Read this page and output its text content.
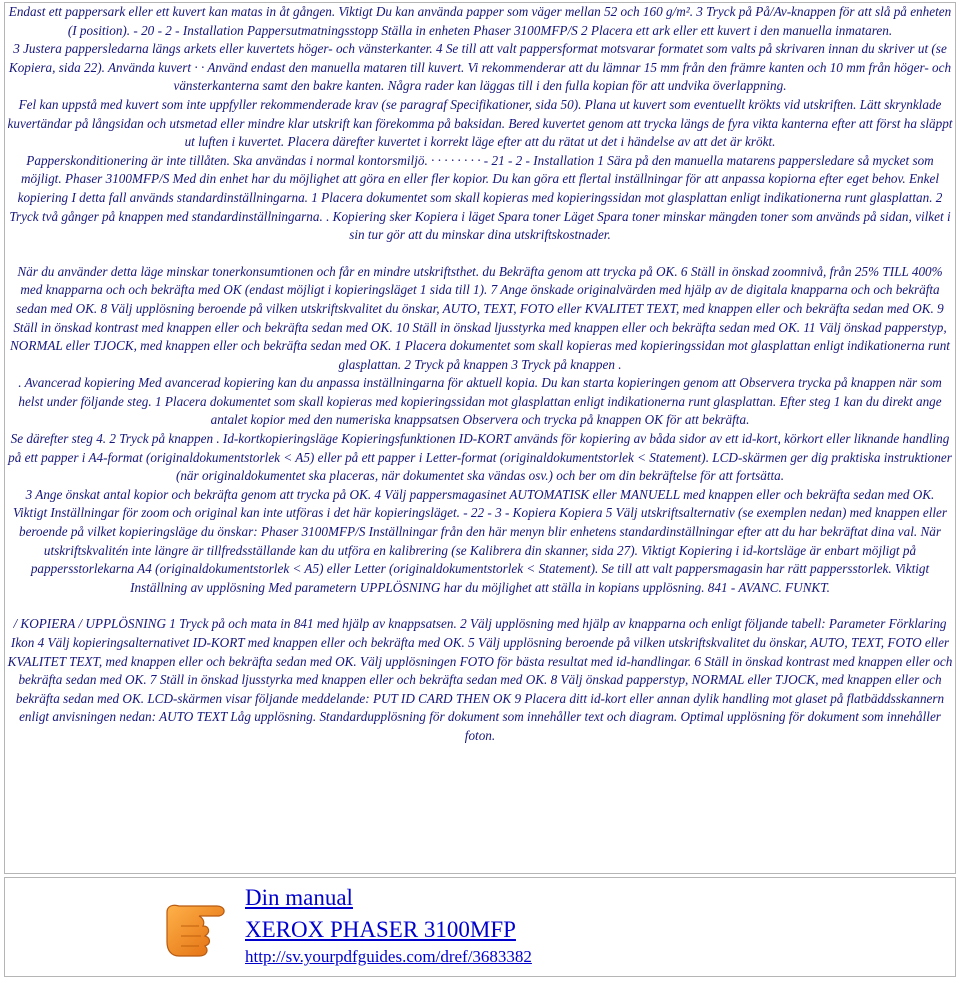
Endast ett pappersark eller ett kuvert kan matas in åt gången. Viktigt Du kan använda papper som väger mellan 52 och 160 g/m². 3 Tryck på På/Av-knappen för att slå på enheten (I position). - 20 - 2 - Installation Pappersutmatningsstopp Ställa in enheten Phaser 3100MFP/S 2 Placera ett ark eller ett kuvert i den manuella inmataren.

3 Justera pappersledarna längs arkets eller kuvertets höger- och vänsterkanter. 4 Se till att valt pappersformat motsvarar formatet som valts på skrivaren innan du skriver ut (se Kopiera, sida 22). Använda kuvert · · Använd endast den manuella mataren till kuvert. Vi rekommenderar att du lämnar 15 mm från den främre kanten och 10 mm från höger- och vänsterkanterna samt den bakre kanten. Några rader kan läggas till i den fulla kopian för att undvika överlappning.

Fel kan uppstå med kuvert som inte uppfyller rekommenderade krav (se paragraf Specifikationer, sida 50). Plana ut kuvert som eventuellt krökts vid utskriften. Lätt skrynklade kuvertändar på långsidan och utsmetad eller mindre klar utskrift kan förekomma på baksidan. Bered kuvertet genom att trycka längs de fyra vikta kanterna efter att först ha släppt ut luften i kuvertet. Placera därefter kuvertet i korrekt läge efter att du rätat ut det i händelse av att det är krökt.

Papperskonditionering är inte tillåten. Ska användas i normal kontorsmiljö. · · · · · · · · - 21 - 2 - Installation 1 Särа på den manuella matarens pappersledare så mycket som möjligt. Phaser 3100MFP/S Med din enhet har du möjlighet att göra en eller fler kopior. Du kan göra ett flertal inställningar för att anpassa kopiorna efter eget behov. Enkel kopiering I detta fall används standardinställningarna. 1 Placera dokumentet som skall kopieras med kopieringssidan mot glasplattan enligt indikationerna runt glasplattan. 2 Tryck två gånger på knappen med standardinställningarna. . Kopiering sker Kopiera i läget Spara toner Läget Spara toner minskar mängden toner som används på sidan, vilket i sin tur gör att du minskar dina utskriftskostnader.

När du använder detta läge minskar tonerkonsumtionen och får en mindre utskriftsthet. du Bekräfta genom att trycka på OK. 6 Ställ in önskad zoomnivå, från 25% TILL 400% med knapparna och och bekräfta med OK (endast möjligt i kopieringsläget 1 sida till 1). 7 Ange önskade originalvärden med hjälp av de digitala knapparna och och bekräfta sedan med OK. 8 Välj upplösning beroende på vilken utskriftskvalitet du önskar, AUTO, TEXT, FOTO eller KVALITET TEXT, med knappen eller och bekräfta sedan med OK. 9 Ställ in önskad kontrast med knappen eller och bekräfta sedan med OK. 10 Ställ in önskad ljusstyrka med knappen eller och bekräfta sedan med OK. 11 Välj önskad papperstyp, NORMAL eller TJOCK, med knappen eller och bekräfta sedan med OK. 1 Placera dokumentet som skall kopieras med kopieringssidan mot glasplattan enligt indikationerna runt glasplattan. 2 Tryck på knappen 3 Tryck på knappen .

. Avancerad kopiering Med avancerad kopiering kan du anpassa inställningarna för aktuell kopia. Du kan starta kopieringen genom att Observera trycka på knappen när som helst under följande steg. 1 Placera dokumentet som skall kopieras med kopieringssidan mot glasplattan enligt indikationerna runt glasplattan. Efter steg 1 kan du direkt ange antalet kopior med den numeriska knappsatsen Observera och trycka på knappen OK för att bekräfta.

Se därefter steg 4. 2 Tryck på knappen . Id-kortkopieringsläge Kopieringsfunktionen ID-KORT används för kopiering av båda sidor av ett id-kort, körkort eller liknande handling på ett papper i A4-format (originaldokumentstorlek < A5) eller på ett papper i Letter-format (originaldokumentstorlek < Statement). LCD-skärmen ger dig praktiska instruktioner (när originaldokumentet ska placeras, när dokumentet ska vändas osv.) och ber om din bekräftelse för att fortsätta.

3 Ange önskat antal kopior och bekräfta genom att trycka på OK. 4 Välj pappersmagasinet AUTOMATISK eller MANUELL med knappen eller och bekräfta sedan med OK. Viktigt Inställningar för zoom och original kan inte utföras i det här kopieringsläget. - 22 - 3 - Kopiera Kopiera 5 Välj utskriftsalternativ (se exemplen nedan) med knappen eller beroende på vilket kopieringsläge du önskar: Phaser 3100MFP/S Inställningar från den här menyn blir enhetens standardinställningar efter att du har bekräftat dina val. När utskriftskvalitén inte längre är tillfredsställande kan du utföra en kalibrering (se Kalibrera din skanner, sida 27). Viktigt Kopiering i id-kortsläge är enbart möjligt på pappersstorlekarna A4 (originaldokumentstorlek < A5) eller Letter (originaldokumentstorlek < Statement). Se till att valt pappersmagasin har rätt pappersstorlek. Viktigt Inställning av upplösning Med parametern UPPLÖSNING har du möjlighet att ställa in kopians upplösning. 841 - AVANC. FUNKT.

/ KOPIERA / UPPLÖSNING 1 Tryck på och mata in 841 med hjälp av knappsatsen. 2 Välj upplösning med hjälp av knapparna och enligt följande tabell: Parameter Förklaring Ikon 4 Välj kopieringsalternativet ID-KORT med knappen eller och bekräfta med OK. 5 Välj upplösning beroende på vilken utskriftskvalitet du önskar, AUTO, TEXT, FOTO eller KVALITET TEXT, med knappen eller och bekräfta sedan med OK. Välj upplösningen FOTO för bästa resultat med id-handlingar. 6 Ställ in önskad kontrast med knappen eller och bekräfta sedan med OK. 7 Ställ in önskad ljusstyrka med knappen eller och bekräfta sedan med OK. 8 Välj önskad papperstyp, NORMAL eller TJOCK, med knappen eller och bekräfta sedan med OK. LCD-skärmen visar följande meddelande: PUT ID CARD THEN OK 9 Placera ditt id-kort eller annan dylik handling mot glaset på flatbäddsskannern enligt anvisningen nedan: AUTO TEXT Låg upplösning. Standardupplösning för dokument som innehåller text och diagram. Optimal upplösning för dokument som innehåller foton.

Din manual
XEROX PHASER 3100MFP
http://sv.yourpdfguides.com/dref/3683382
